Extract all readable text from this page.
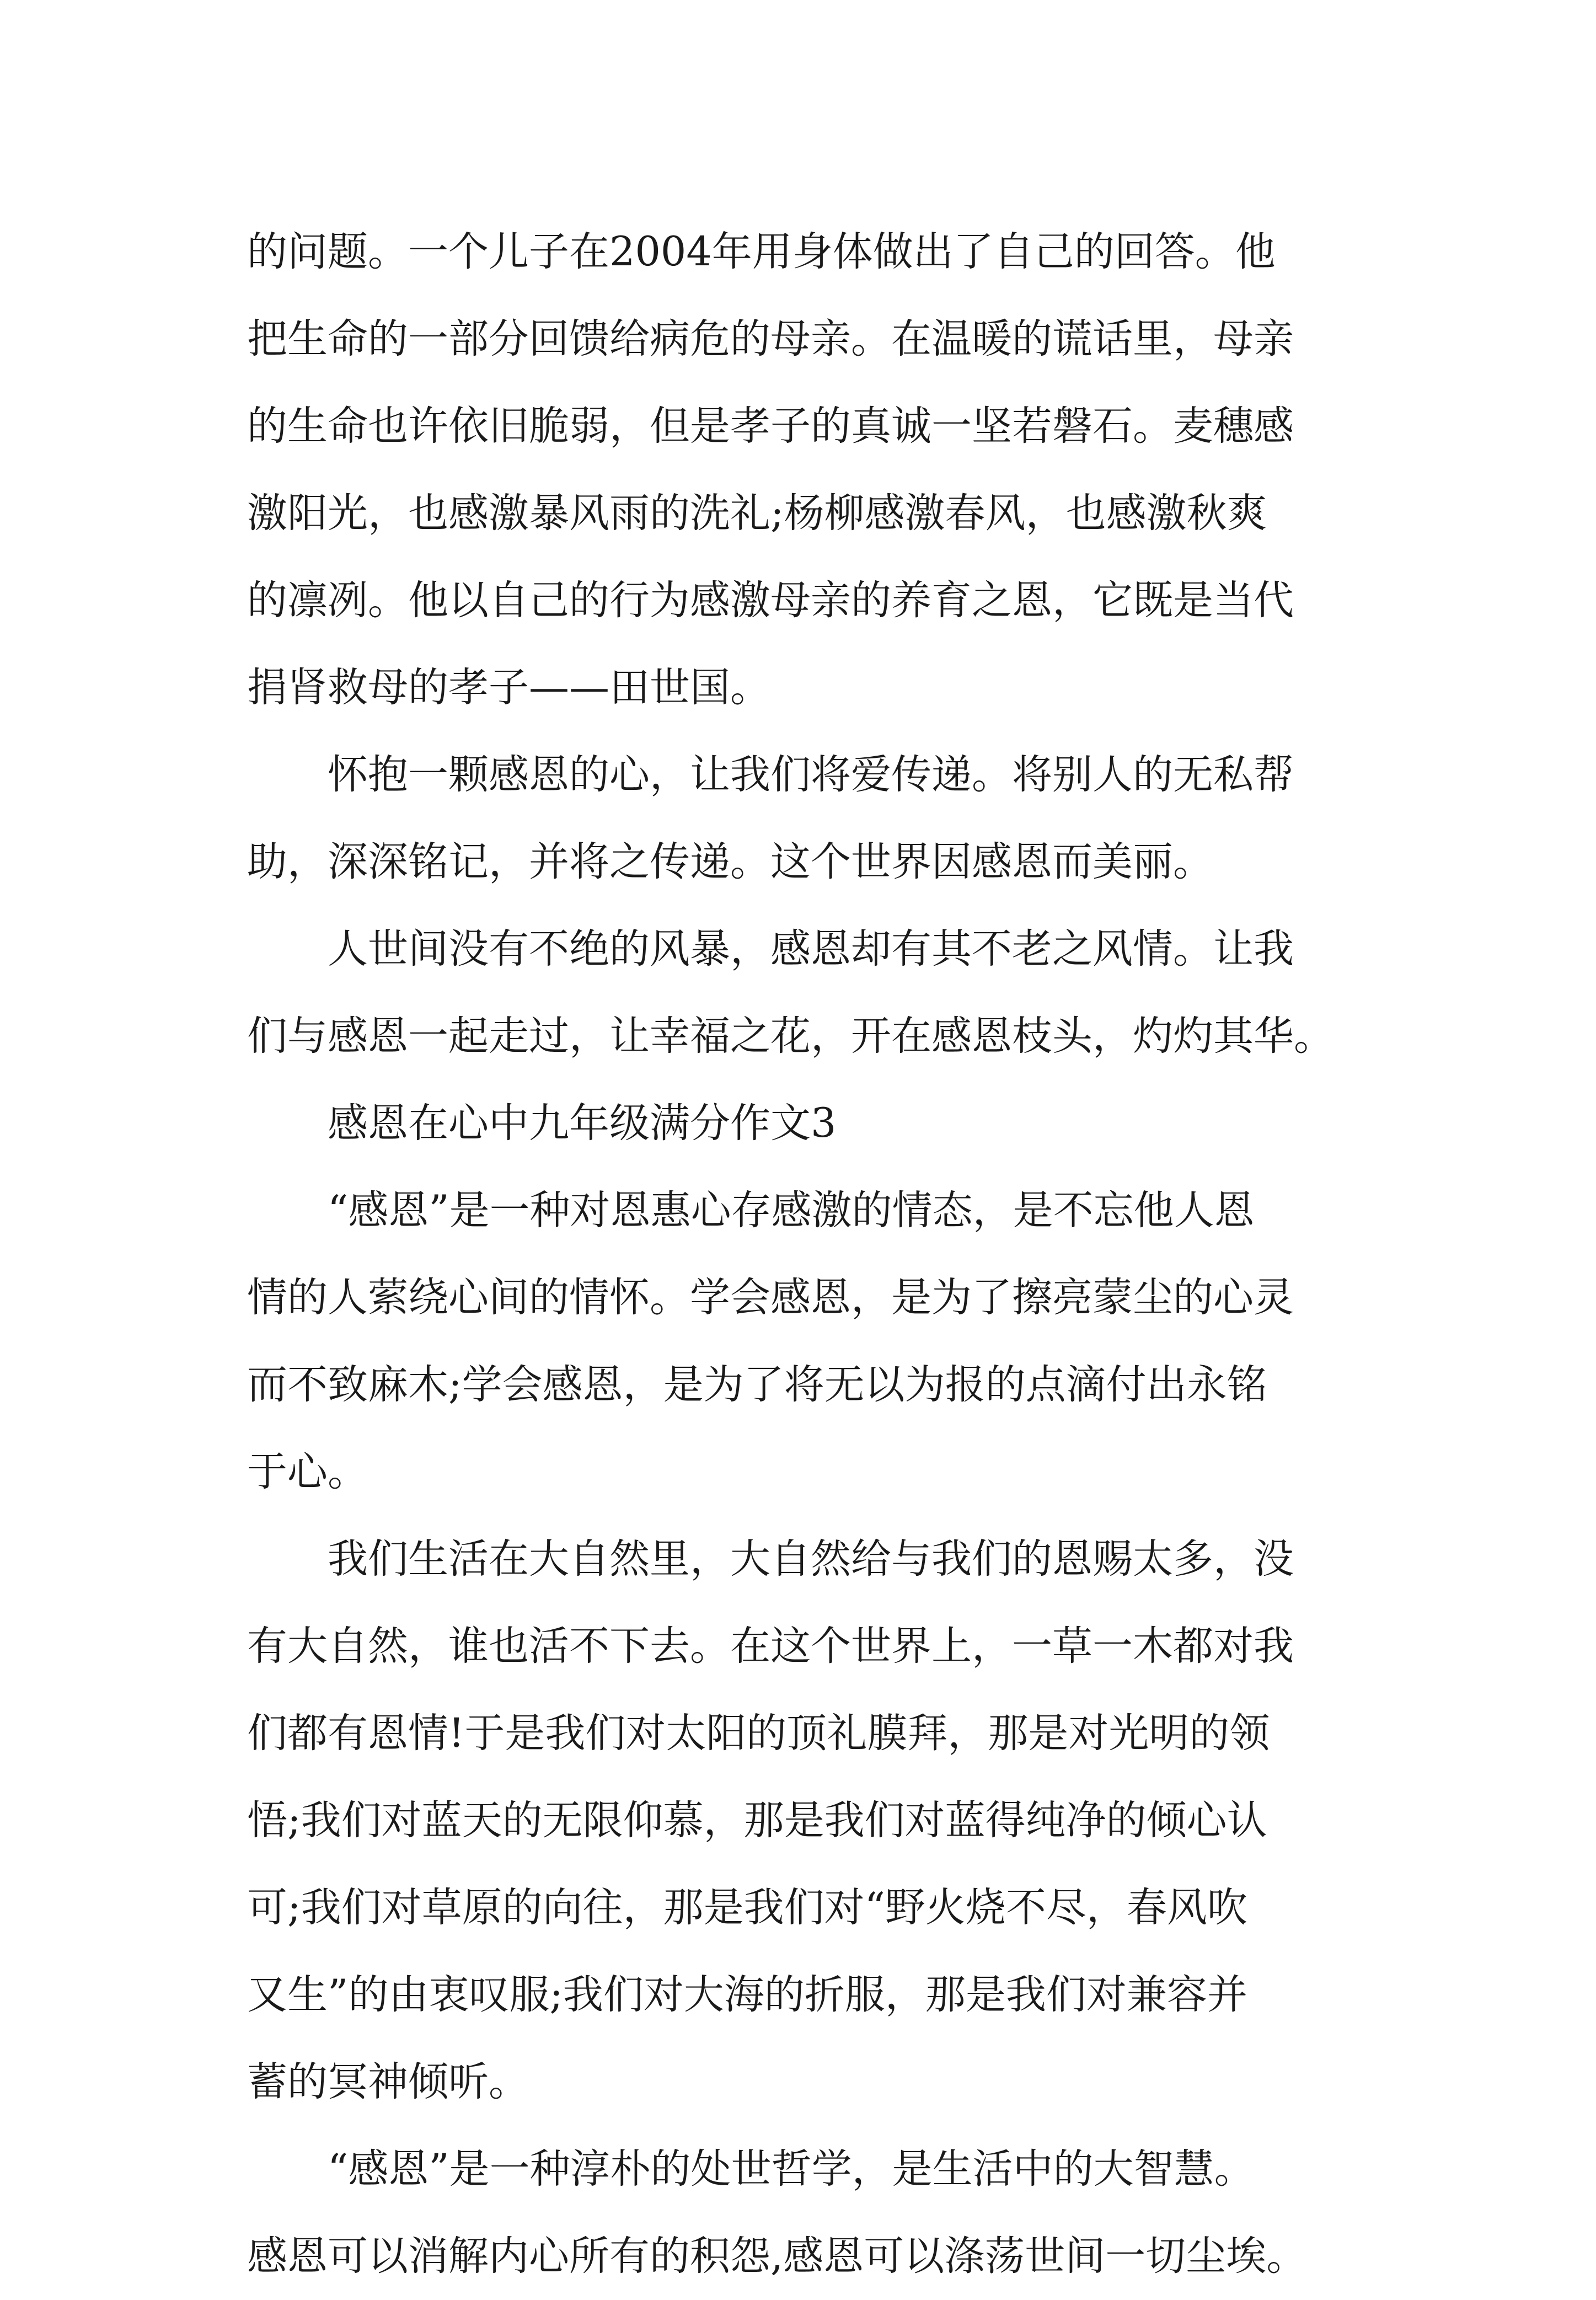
的问题。一个儿子在2004年用身体做出了自己的回答。他
把生命的一部分回馈给病危的母亲。在温暖的谎话里，母亲
的生命也许依旧脆弱，但是孝子的真诚一坚若磐石。麦穗感
激阳光，也感激暴风雨的洗礼;杨柳感激春风，也感激秋爽
的凛冽。他以自己的行为感激母亲的养育之恩，它既是当代
捐肾救母的孝子——田世国。

怀抱一颗感恩的心，让我们将爱传递。将别人的无私帮
助，深深铭记，并将之传递。这个世界因感恩而美丽。

人世间没有不绝的风暴，感恩却有其不老之风情。让我
们与感恩一起走过，让幸福之花，开在感恩枝头，灼灼其华。

感恩在心中九年级满分作文3

“感恩”是一种对恩惠心存感激的情态，是不忘他人恩
情的人萦绕心间的情怀。学会感恩，是为了擦亮蒙尘的心灵
而不致麻木;学会感恩，是为了将无以为报的点滴付出永铭
于心。

我们生活在大自然里，大自然给与我们的恩赐太多，没
有大自然，谁也活不下去。在这个世界上，一草一木都对我
们都有恩情!于是我们对太阳的顶礼膜拜，那是对光明的领
悟;我们对蓝天的无限仰慕，那是我们对蓝得纯净的倾心认
可;我们对草原的向往，那是我们对“野火烧不尽，春风吹
又生”的由衷叹服;我们对大海的折服，那是我们对兼容并
蓄的冥神倾听。

“感恩”是一种淳朴的处世哲学，是生活中的大智慧。
感恩可以消解内心所有的积怨,感恩可以涤荡世间一切尘埃。
